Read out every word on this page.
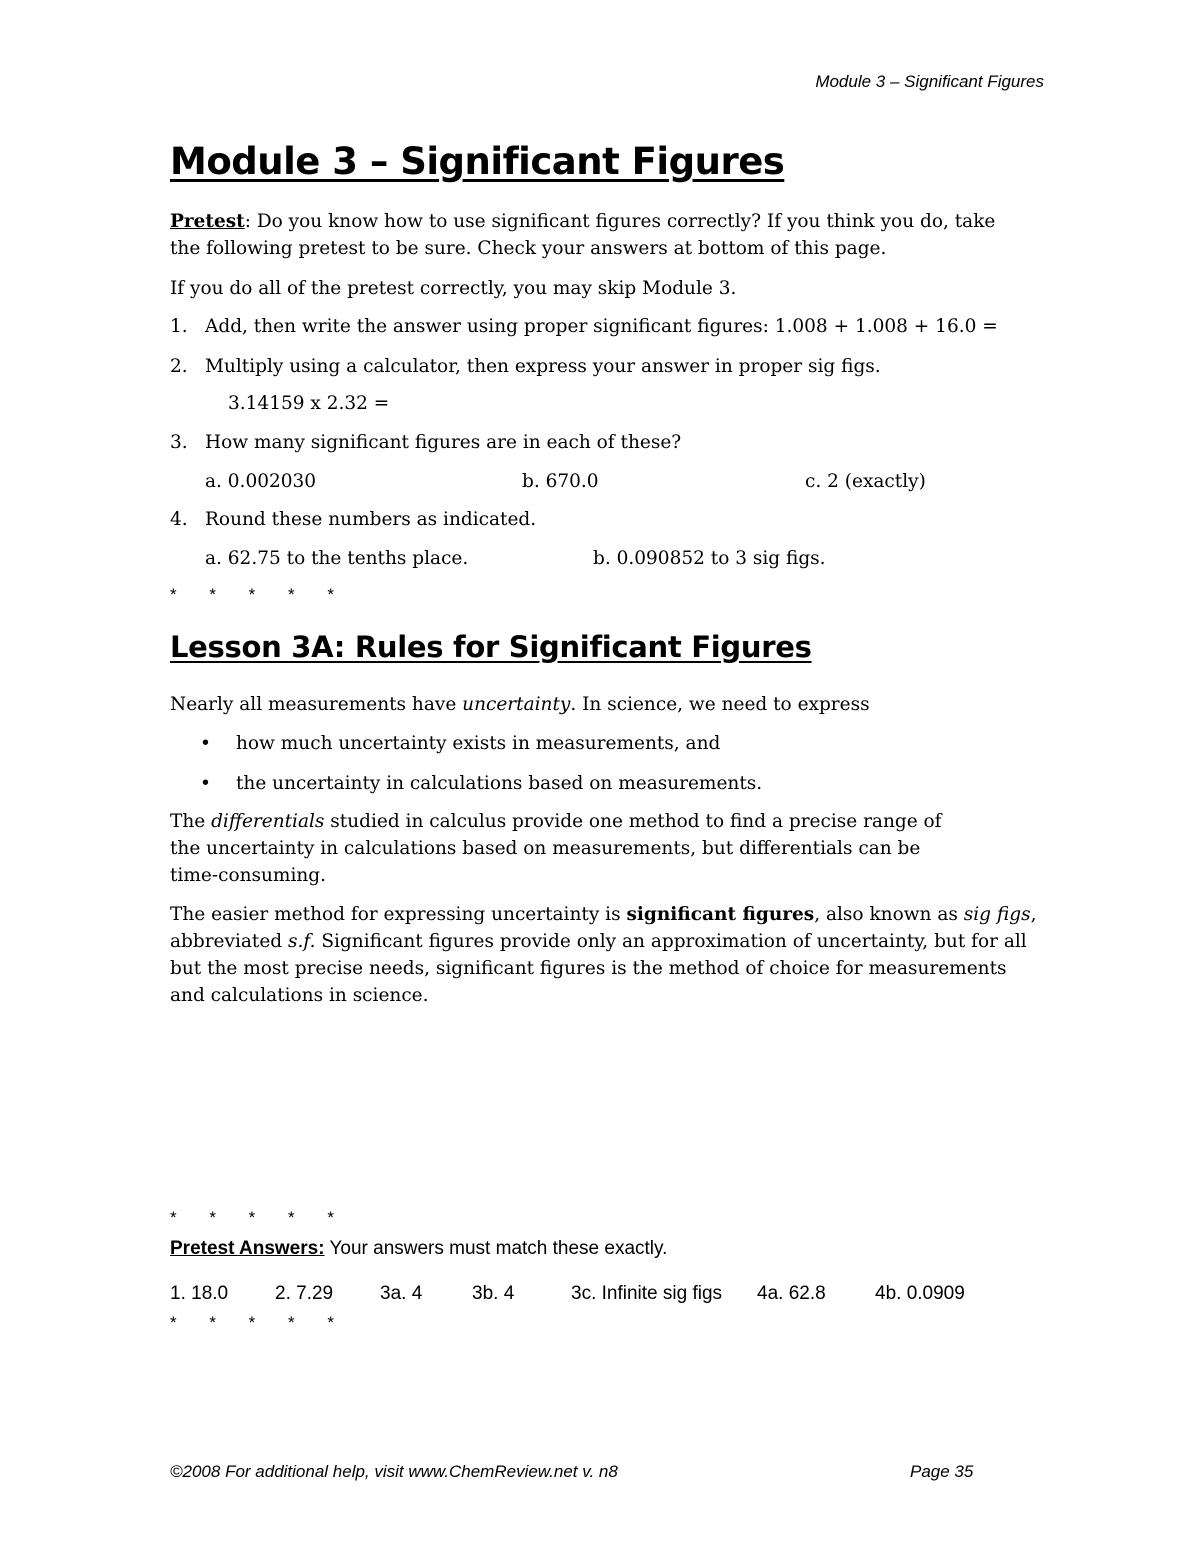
Module 3 – Significant Figures
Module 3 – Significant Figures
Pretest: Do you know how to use significant figures correctly? If you think you do, take
the following pretest to be sure. Check your answers at bottom of this page.
If you do all of the pretest correctly, you may skip Module 3.
1. Add, then write the answer using proper significant figures: 1.008 + 1.008 + 16.0 =
2. Multiply using a calculator, then express your answer in proper sig figs.
3.14159 x 2.32 =
3. How many significant figures are in each of these?
a. 0.002030	b. 670.0	c. 2 (exactly)
4. Round these numbers as indicated.
a. 62.75 to the tenths place.	b. 0.090852 to 3 sig figs.
* * * * *
Lesson 3A: Rules for Significant Figures
Nearly all measurements have uncertainty. In science, we need to express
• how much uncertainty exists in measurements, and
• the uncertainty in calculations based on measurements.
The differentials studied in calculus provide one method to find a precise range of the uncertainty in calculations based on measurements, but differentials can be time-consuming.
The easier method for expressing uncertainty is significant figures, also known as sig figs, abbreviated s.f. Significant figures provide only an approximation of uncertainty, but for all but the most precise needs, significant figures is the method of choice for measurements and calculations in science.
* * * * *
Pretest Answers: Your answers must match these exactly.
1. 18.0 2. 7.29 3a. 4	3b. 4	3c. Infinite sig figs 4a. 62.8	4b. 0.0909
* * * * *
©2008 For additional help, visit www.ChemReview.net v. n8	Page 35
